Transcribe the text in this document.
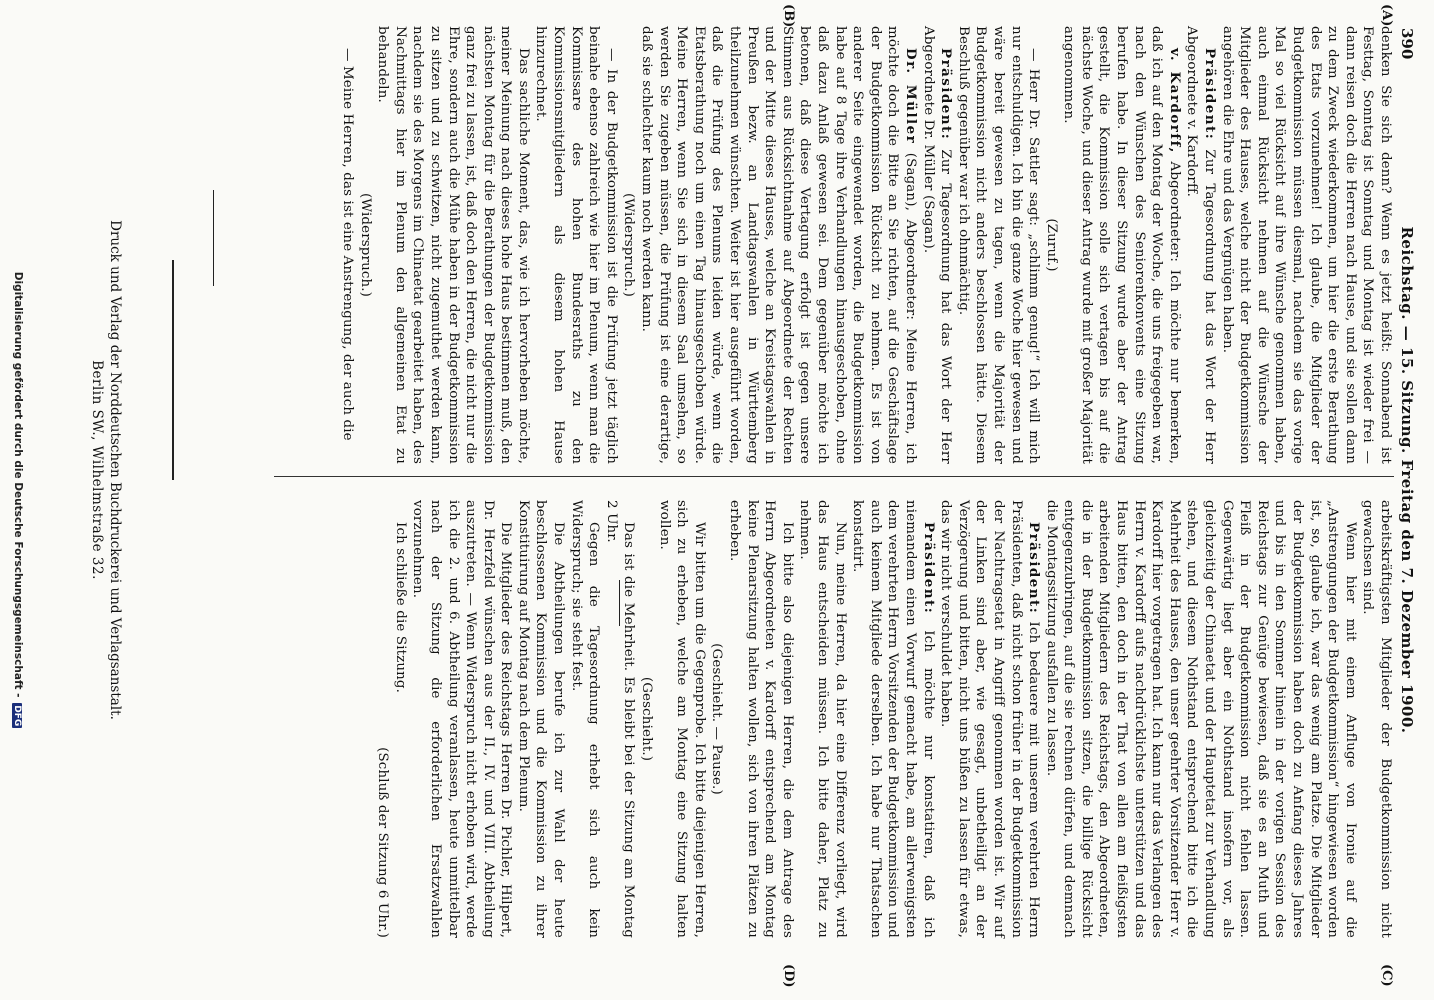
390
Reichstag. — 15. Sitzung. Freitag den 7. Dezember 1900.
(A)
(B)
(C)
(D)

denken Sie sich denn? Wenn es jetzt heißt: Sonnabend ist Festtag, Sonntag ist Sonntag und Montag ist wieder frei — dann reisen doch die Herren nach Hause, und sie sollen dann zu dem Zweck wiederkommen, um hier die erste Berathung des Etats vorzunehmen! Ich glaube, die Mitglieder der Budgetkommission müssen diesmal, nachdem sie das vorige Mal so viel Rücksicht auf ihre Wünsche genommen haben, auch einmal Rücksicht nehmen auf die Wünsche der Mitglieder des Hauses, welche nicht der Budgetkommission angehören die Ehre und das Vergnügen haben.

Präsident: Zur Tagesordnung hat das Wort der Herr Abgeordnete v. Kardorff.

v. Kardorff, Abgeordneter: Ich möchte nur bemerken, daß ich auf den Montag der Woche, die uns freigegeben war, nach den Wünschen des Seniorenkonvents eine Sitzung berufen habe. In dieser Sitzung wurde aber der Antrag gestellt, die Kommission solle sich vertagen bis auf die nächste Woche, und dieser Antrag wurde mit großer Majorität angenommen.

(Zuruf.)

— Herr Dr. Sattler sagt: „schlimm genug!“ Ich will mich nur entschuldigen. Ich bin die ganze Woche hier gewesen und wäre bereit gewesen zu tagen, wenn die Majorität der Budgetkommission nicht anders beschlossen hätte. Diesem Beschluß gegenüber war ich ohnmächtig.

Präsident: Zur Tagesordnung hat das Wort der Herr Abgeordnete Dr. Müller (Sagan).

Dr. Müller (Sagan), Abgeordneter: Meine Herren, ich möchte doch die Bitte an Sie richten, auf die Geschäftslage der Budgetkommission Rücksicht zu nehmen. Es ist von anderer Seite eingewendet worden, die Budgetkommission habe auf 8 Tage ihre Verhandlungen hinausgeschoben, ohne daß dazu Anlaß gewesen sei. Dem gegenüber möchte ich betonen, daß diese Vertagung erfolgt ist gegen unsere Stimmen aus Rücksichtnahme auf Abgeordnete der Rechten und der Mitte dieses Hauses, welche an Kreistagswahlen in Preußen bezw. an Landtagswahlen in Württemberg theilzunehmen wünschten. Weiter ist hier ausgeführt worden, daß die Prüfung des Plenums leiden würde, wenn die Etatsberathung noch um einen Tag hinausgeschoben würde. Meine Herren, wenn Sie sich in diesem Saal umsehen, so werden Sie zugeben müssen, die Prüfung ist eine derartige, daß sie schlechter kaum noch werden kann.

(Widerspruch.)

— In der Budgetkommission ist die Prüfung jetzt täglich beinahe ebenso zahlreich wie hier im Plenum, wenn man die Kommissare des hohen Bundesraths zu den Kommissionsmitgliedern als diesem hohen Hause hinzurechnet.

Das sachliche Moment, das, wie ich hervorheben möchte, meiner Meinung nach dieses hohe Haus bestimmen muß, den nächsten Montag für die Berathungen der Budgetkommission ganz frei zu lassen, ist, daß doch den Herren, die nicht nur die Ehre, sondern auch die Mühe haben in der Budgetkommission zu sitzen und zu schwitzen, nicht zugemuthet werden kann, nachdem sie des Morgens im Chinaetat gearbeitet haben, des Nachmittags hier im Plenum den allgemeinen Etat zu behandeln.

(Widerspruch.)

— Meine Herren, das ist eine Anstrengung, der auch die

arbeitskräftigsten Mitglieder der Budgetkommission nicht gewachsen sind.

Wenn hier mit einem Anfluge von Ironie auf die „Anstrengungen der Budgetkommission“ hingewiesen worden ist, so, glaube ich, war das wenig am Platze. Die Mitglieder der Budgetkommission haben doch zu Anfang dieses Jahres und bis in den Sommer hinein in der vorigen Session des Reichstags zur Genüge bewiesen, daß sie es an Muth und Fleiß in der Budgetkommission nicht fehlen lassen. Gegenwärtig liegt aber ein Nothstand insofern vor, als gleichzeitig der Chinaetat und der Hauptetat zur Verhandlung stehen, und diesem Nothstand entsprechend bitte ich die Mehrheit des Hauses, den unser geehrter Vorsitzender Herr v. Kardorff hier vorgetragen hat. Ich kann nur das Verlangen des Herrn v. Kardorff aufs nachdrücklichste unterstützen und das Haus bitten, den doch in der That von allen am fleißigsten arbeitenden Mitgliedern des Reichstags, den Abgeordneten, die in der Budgetkommission sitzen, die billige Rücksicht entgegenzubringen, auf die sie rechnen dürfen, und demnach die Montagssitzung ausfallen zu lassen.

Präsident: Ich bedauere mit unserem verehrten Herrn Präsidenten, daß nicht schon früher in der Budgetkommission der Nachtragsetat in Angriff genommen worden ist. Wir auf der Linken sind aber, wie gesagt, unbetheiligt an der Verzögerung und bitten, nicht uns büßen zu lassen für etwas, das wir nicht verschuldet haben.

Präsident: Ich möchte nur konstatiren, daß ich niemandem einen Vorwurf gemacht habe, am allerwenigsten dem verehrten Herrn Vorsitzenden der Budgetkommission und auch keinem Mitgliede derselben. Ich habe nur Thatsachen konstatirt.

Nun, meine Herren, da hier eine Differenz vorliegt, wird das Haus entscheiden müssen. Ich bitte daher, Platz zu nehmen.

Ich bitte also diejenigen Herren, die dem Antrage des Herrn Abgeordneten v. Kardorff entsprechend am Montag keine Plenarsitzung halten wollen, sich von ihren Plätzen zu erheben.

(Geschieht. — Pause.)

Wir bitten um die Gegenprobe. Ich bitte diejenigen Herren, sich zu erheben, welche am Montag eine Sitzung halten wollen.

(Geschieht.)

Das ist die Mehrheit. Es bleibt bei der Sitzung am Montag 2 Uhr.

Gegen die Tagesordnung erhebt sich auch kein Widerspruch; sie steht fest.

Die Abtheilungen berufe ich zur Wahl der heute beschlossenen Kommission und die Kommission zu ihrer Konstituirung auf Montag nach dem Plenum.

Die Mitglieder des Reichstags Herren Dr. Pichler, Hilpert, Dr. Herzfeld wünschen aus der II., IV. und VIII. Abtheilung auszutreten. — Wenn Widerspruch nicht erhoben wird, werde ich die 2. und 6. Abtheilung veranlassen, heute unmittelbar nach der Sitzung die erforderlichen Ersatzwahlen vorzunehmen.

Ich schließe die Sitzung.

(Schluß der Sitzung 6 Uhr.)

Druck und Verlag der Norddeutschen Buchdruckerei und Verlagsanstalt.
Berlin SW., Wilhelmstraße 32.
Digitalisierung gefördert durch die Deutsche Forschungsgemeinschaft - DFG
